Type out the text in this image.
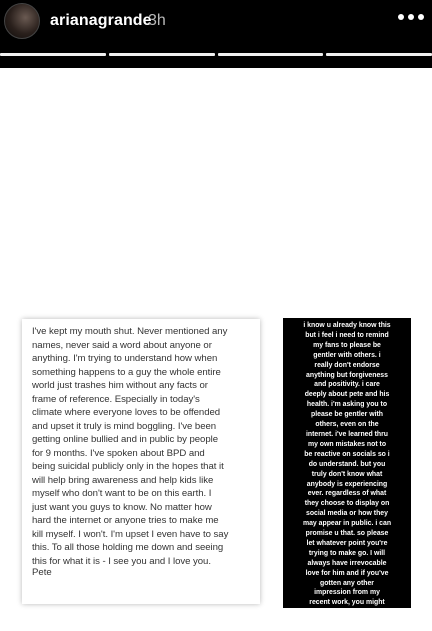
arianagrande
3h

I've kept my mouth shut. Never mentioned any
names, never said a word about anyone or
anything. I'm trying to understand how when
something happens to a guy the whole entire
world just trashes him without any facts or
frame of reference. Especially in today's
climate where everyone loves to be offended
and upset it truly is mind boggling. I've been
getting online bullied and in public by people
for 9 months. I've spoken about BPD and
being suicidal publicly only in the hopes that it
will help bring awareness and help kids like
myself who don't want to be on this earth. I
just want you guys to know. No matter how
hard the internet or anyone tries to make me
kill myself. I won't. I'm upset I even have to say
this. To all those holding me down and seeing
this for what it is - I see you and I love you.

Pete

i know u already know this
but i feel i need to remind
my fans to please be
gentler with others. i
really don't endorse
anything but forgiveness
and positivity. i care
deeply about pete and his
health. i'm asking you to
please be gentler with
others, even on the
internet. i've learned thru
my own mistakes not to
be reactive on socials so i
do understand. but you
truly don't know what
anybody is experiencing
ever. regardless of what
they choose to display on
social media or how they
may appear in public. i can
promise u that. so please
let whatever point you're
trying to make go. I will
always have irrevocable
love for him and if you've
gotten any other
impression from my
recent work, you might
have missed the point. ♥
